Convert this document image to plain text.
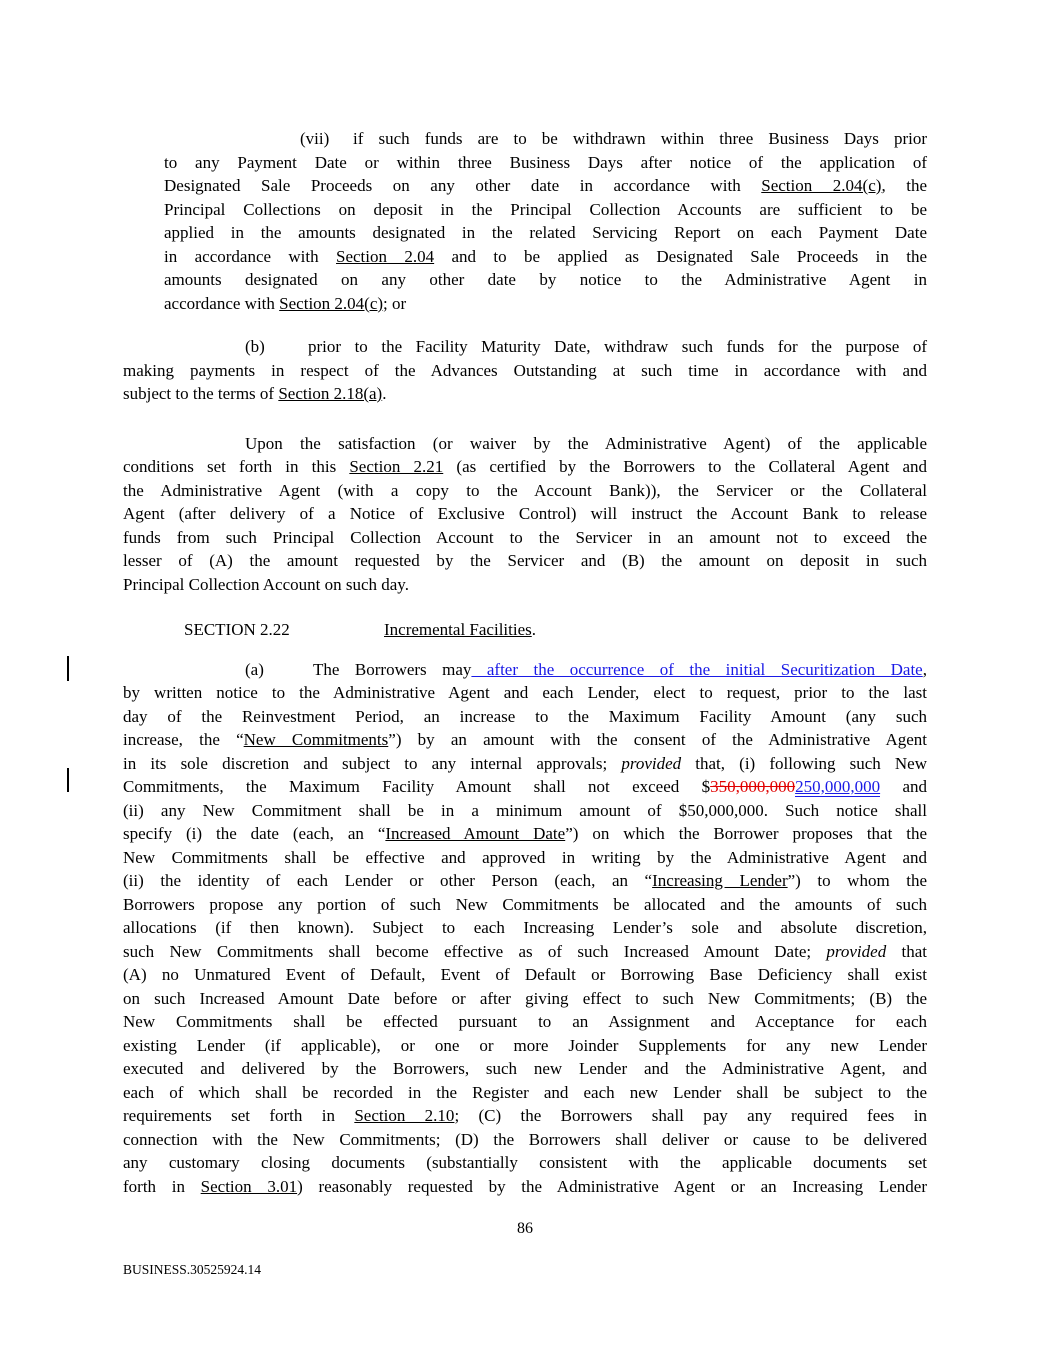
(vii) if such funds are to be withdrawn within three Business Days prior
to any Payment Date or within three Business Days after notice of the application of
Designated Sale Proceeds on any other date in accordance with Section 2.04(c), the
Principal Collections on deposit in the Principal Collection Accounts are sufficient to be
applied in the amounts designated in the related Servicing Report on each Payment Date
in accordance with Section 2.04 and to be applied as Designated Sale Proceeds in the
amounts designated on any other date by notice to the Administrative Agent in
accordance with Section 2.04(c); or
(b)	prior to the Facility Maturity Date, withdraw such funds for the purpose of
making payments in respect of the Advances Outstanding at such time in accordance with and
subject to the terms of Section 2.18(a).
Upon the satisfaction (or waiver by the Administrative Agent) of the applicable
conditions set forth in this Section 2.21 (as certified by the Borrowers to the Collateral Agent and
the Administrative Agent (with a copy to the Account Bank)), the Servicer or the Collateral
Agent (after delivery of a Notice of Exclusive Control) will instruct the Account Bank to release
funds from such Principal Collection Account to the Servicer in an amount not to exceed the
lesser of (A) the amount requested by the Servicer and (B) the amount on deposit in such
Principal Collection Account on such day.
SECTION 2.22	Incremental Facilities.
(a)	The Borrowers may after the occurrence of the initial Securitization Date,
by written notice to the Administrative Agent and each Lender, elect to request, prior to the last
day of the Reinvestment Period, an increase to the Maximum Facility Amount (any such
increase, the “New Commitments”) by an amount with the consent of the Administrative Agent
in its sole discretion and subject to any internal approvals; provided that, (i) following such New
Commitments, the Maximum Facility Amount shall not exceed $350,000,000250,000,000 and
(ii) any New Commitment shall be in a minimum amount of $50,000,000. Such notice shall
specify (i) the date (each, an “Increased Amount Date”) on which the Borrower proposes that the
New Commitments shall be effective and approved in writing by the Administrative Agent and
(ii) the identity of each Lender or other Person (each, an “Increasing Lender”) to whom the
Borrowers propose any portion of such New Commitments be allocated and the amounts of such
allocations (if then known). Subject to each Increasing Lender’s sole and absolute discretion,
such New Commitments shall become effective as of such Increased Amount Date; provided that
(A) no Unmatured Event of Default, Event of Default or Borrowing Base Deficiency shall exist
on such Increased Amount Date before or after giving effect to such New Commitments; (B) the
New Commitments shall be effected pursuant to an Assignment and Acceptance for each
existing Lender (if applicable), or one or more Joinder Supplements for any new Lender
executed and delivered by the Borrowers, such new Lender and the Administrative Agent, and
each of which shall be recorded in the Register and each new Lender shall be subject to the
requirements set forth in Section 2.10; (C) the Borrowers shall pay any required fees in
connection with the New Commitments; (D) the Borrowers shall deliver or cause to be delivered
any customary closing documents (substantially consistent with the applicable documents set
forth in Section 3.01) reasonably requested by the Administrative Agent or an Increasing Lender
86
BUSINESS.30525924.14
